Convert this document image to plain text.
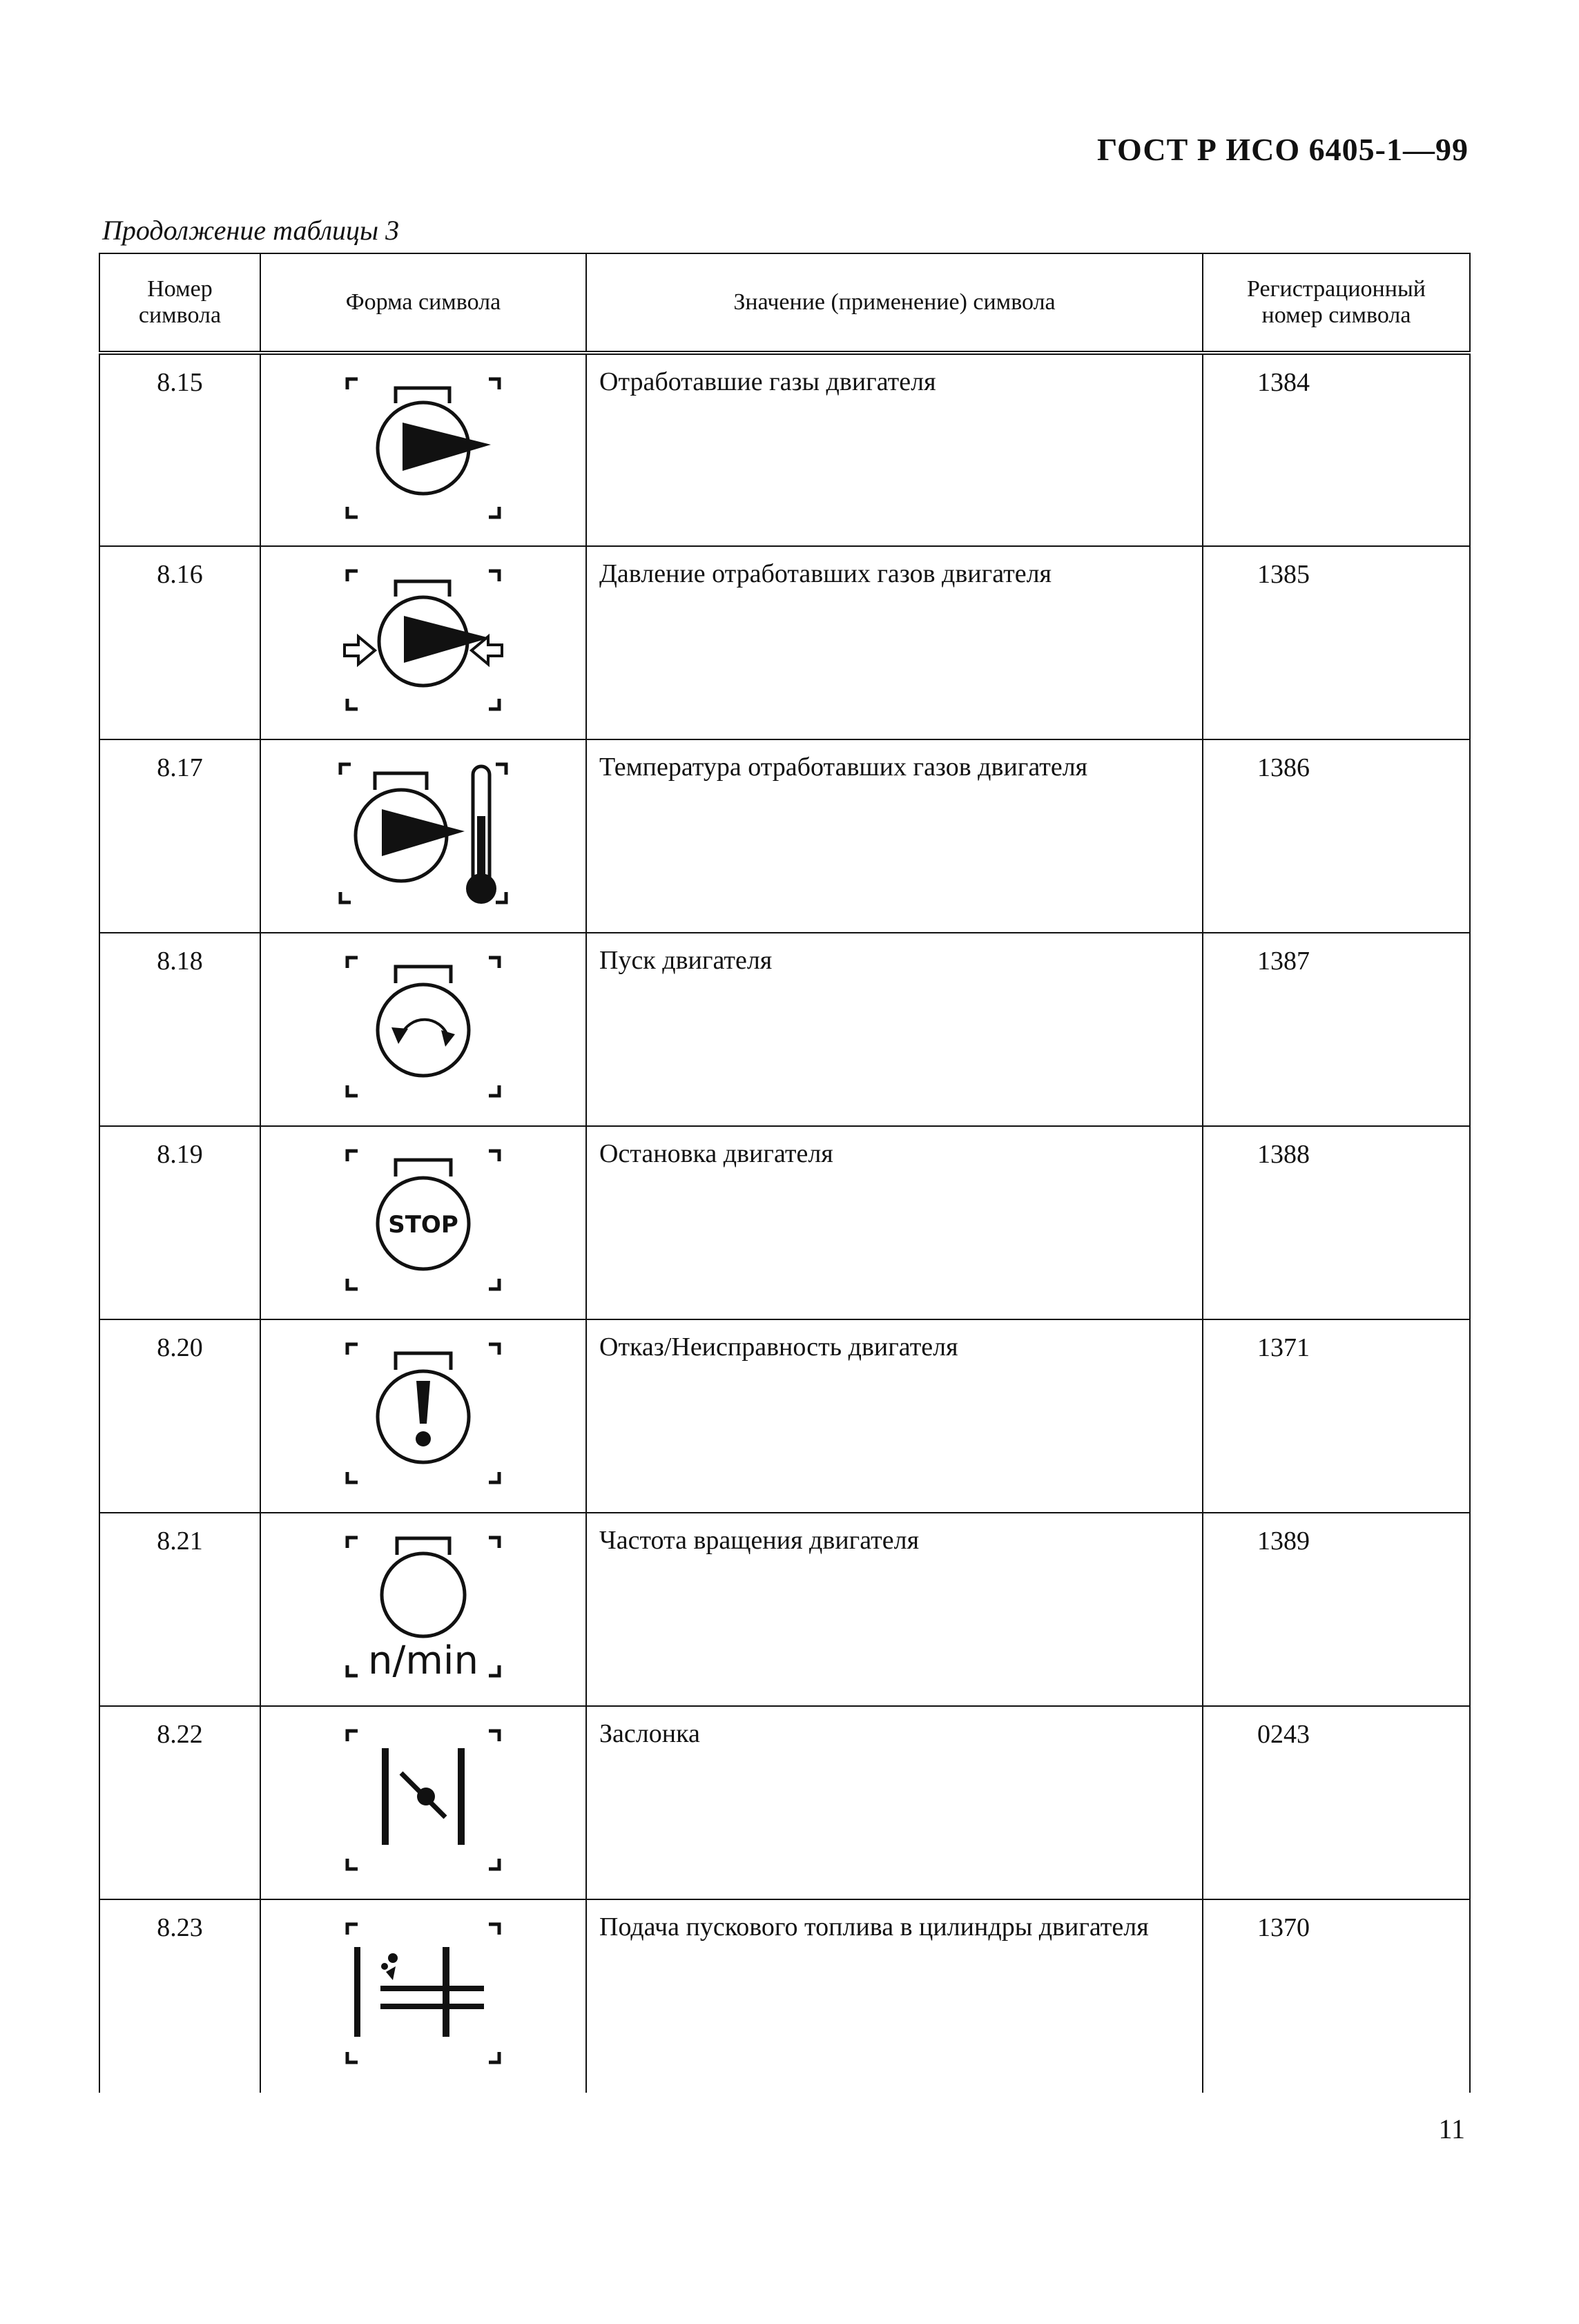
ГОСТ Р ИСО 6405-1—99
Продолжение таблицы 3
Номер символа	Форма символа	Значение (применение) символа	Регистрационный номер символа
8.15		Отработавшие газы двигателя	1384
8.16		Давление отработавших газов двигателя	1385
8.17		Температура отработавших газов двигателя	1386
8.18		Пуск двигателя	1387
8.19	STOP	Остановка двигателя	1388
8.20		Отказ/Неисправность двигателя	1371
8.21	n/min	Частота вращения двигателя	1389
8.22		Заслонка	0243
8.23		Подача пускового топлива в цилиндры двигателя	1370
11
